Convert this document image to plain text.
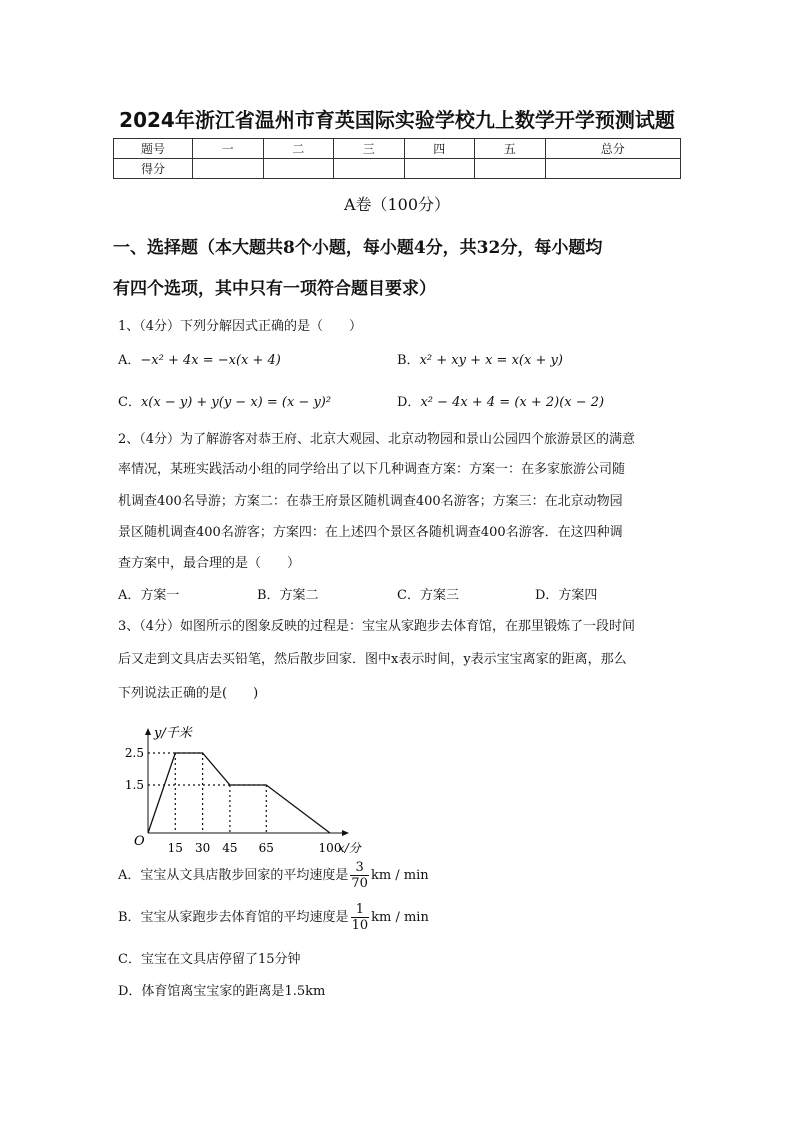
2024年浙江省温州市育英国际实验学校九上数学开学预测试题
题号	一	二	三	四	五	总分
得分						
A卷（100分）
一、选择题（本大题共8个小题，每小题4分，共32分，每小题均
有四个选项，其中只有一项符合题目要求）
1、（4分）下列分解因式正确的是（　　）
A．−x² + 4x = −x(x + 4)	B．x² + xy + x = x(x + y)
C．x(x − y) + y(y − x) = (x − y)²	D．x² − 4x + 4 = (x + 2)(x − 2)
2、（4分）为了解游客对恭王府、北京大观园、北京动物园和景山公园四个旅游景区的满意
率情况，某班实践活动小组的同学给出了以下几种调查方案：方案一：在多家旅游公司随
机调查400名导游；方案二：在恭王府景区随机调查400名游客；方案三：在北京动物园
景区随机调查400名游客；方案四：在上述四个景区各随机调查400名游客．在这四种调
查方案中，最合理的是（　　）
A．方案一	B．方案二	C．方案三	D．方案四
3、（4分）如图所示的图象反映的过程是：宝宝从家跑步去体育馆，在那里锻炼了一段时间
后又走到文具店去买铅笔，然后散步回家．图中x表示时间，y表示宝宝离家的距离，那么
下列说法正确的是(　　)
y/千米
x/分
O 15 30 45 65	100
2.5
1.5
A．宝宝从文具店散步回家的平均速度是 $\frac{3}{70}$ km / min
B．宝宝从家跑步去体育馆的平均速度是 $\frac{1}{10}$ km / min
C．宝宝在文具店停留了15分钟
D．体育馆离宝宝家的距离是1.5km
